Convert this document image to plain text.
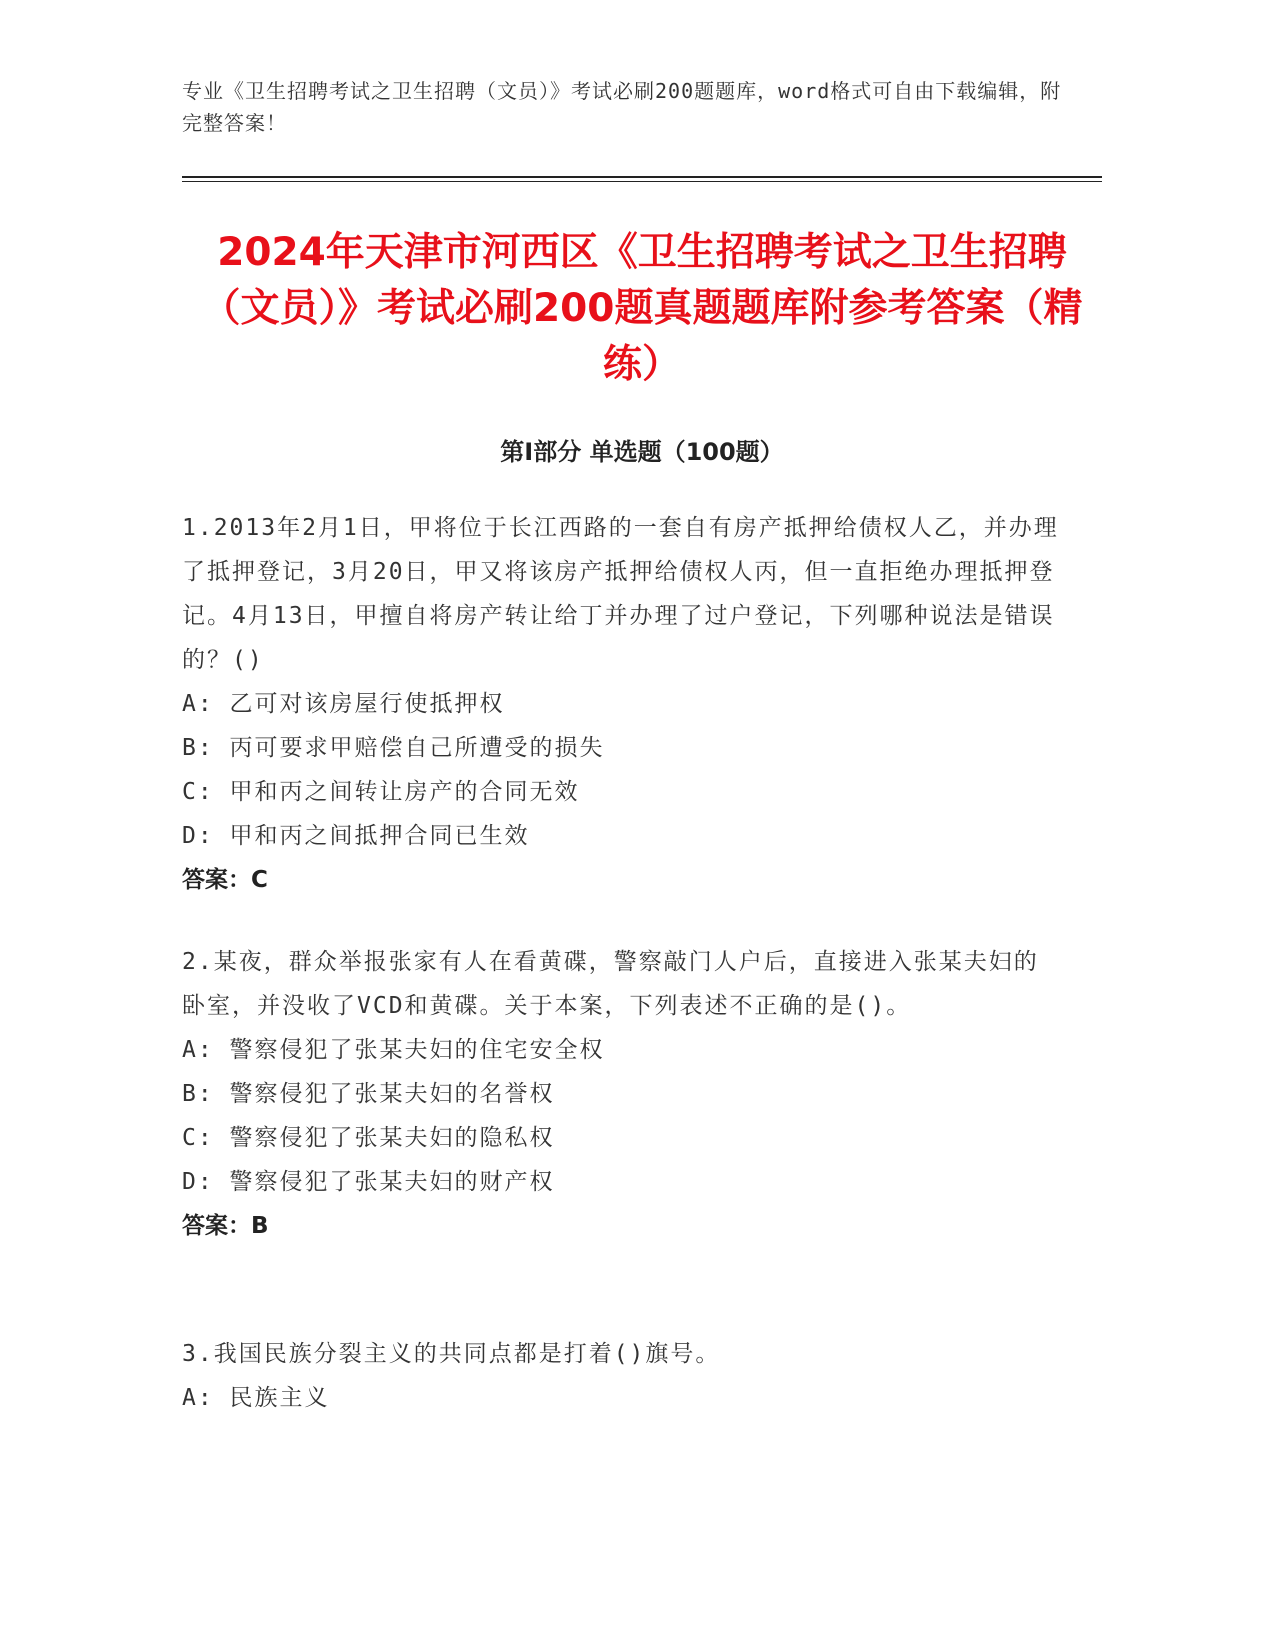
专业《卫生招聘考试之卫生招聘（文员）》考试必刷200题题库，word格式可自由下载编辑，附完整答案！
2024年天津市河西区《卫生招聘考试之卫生招聘（文员）》考试必刷200题真题题库附参考答案（精练）
第Ⅰ部分 单选题（100题）
1.2013年2月1日，甲将位于长江西路的一套自有房产抵押给债权人乙，并办理了抵押登记，3月20日，甲又将该房产抵押给债权人丙，但一直拒绝办理抵押登记。4月13日，甲擅自将房产转让给丁并办理了过户登记，下列哪种说法是错误的？()
A: 乙可对该房屋行使抵押权
B: 丙可要求甲赔偿自己所遭受的损失
C: 甲和丙之间转让房产的合同无效
D: 甲和丙之间抵押合同已生效
答案：C
2.某夜，群众举报张家有人在看黄碟，警察敲门人户后，直接进入张某夫妇的卧室，并没收了VCD和黄碟。关于本案，下列表述不正确的是()。
A: 警察侵犯了张某夫妇的住宅安全权
B: 警察侵犯了张某夫妇的名誉权
C: 警察侵犯了张某夫妇的隐私权
D: 警察侵犯了张某夫妇的财产权
答案：B
3.我国民族分裂主义的共同点都是打着()旗号。
A: 民族主义
